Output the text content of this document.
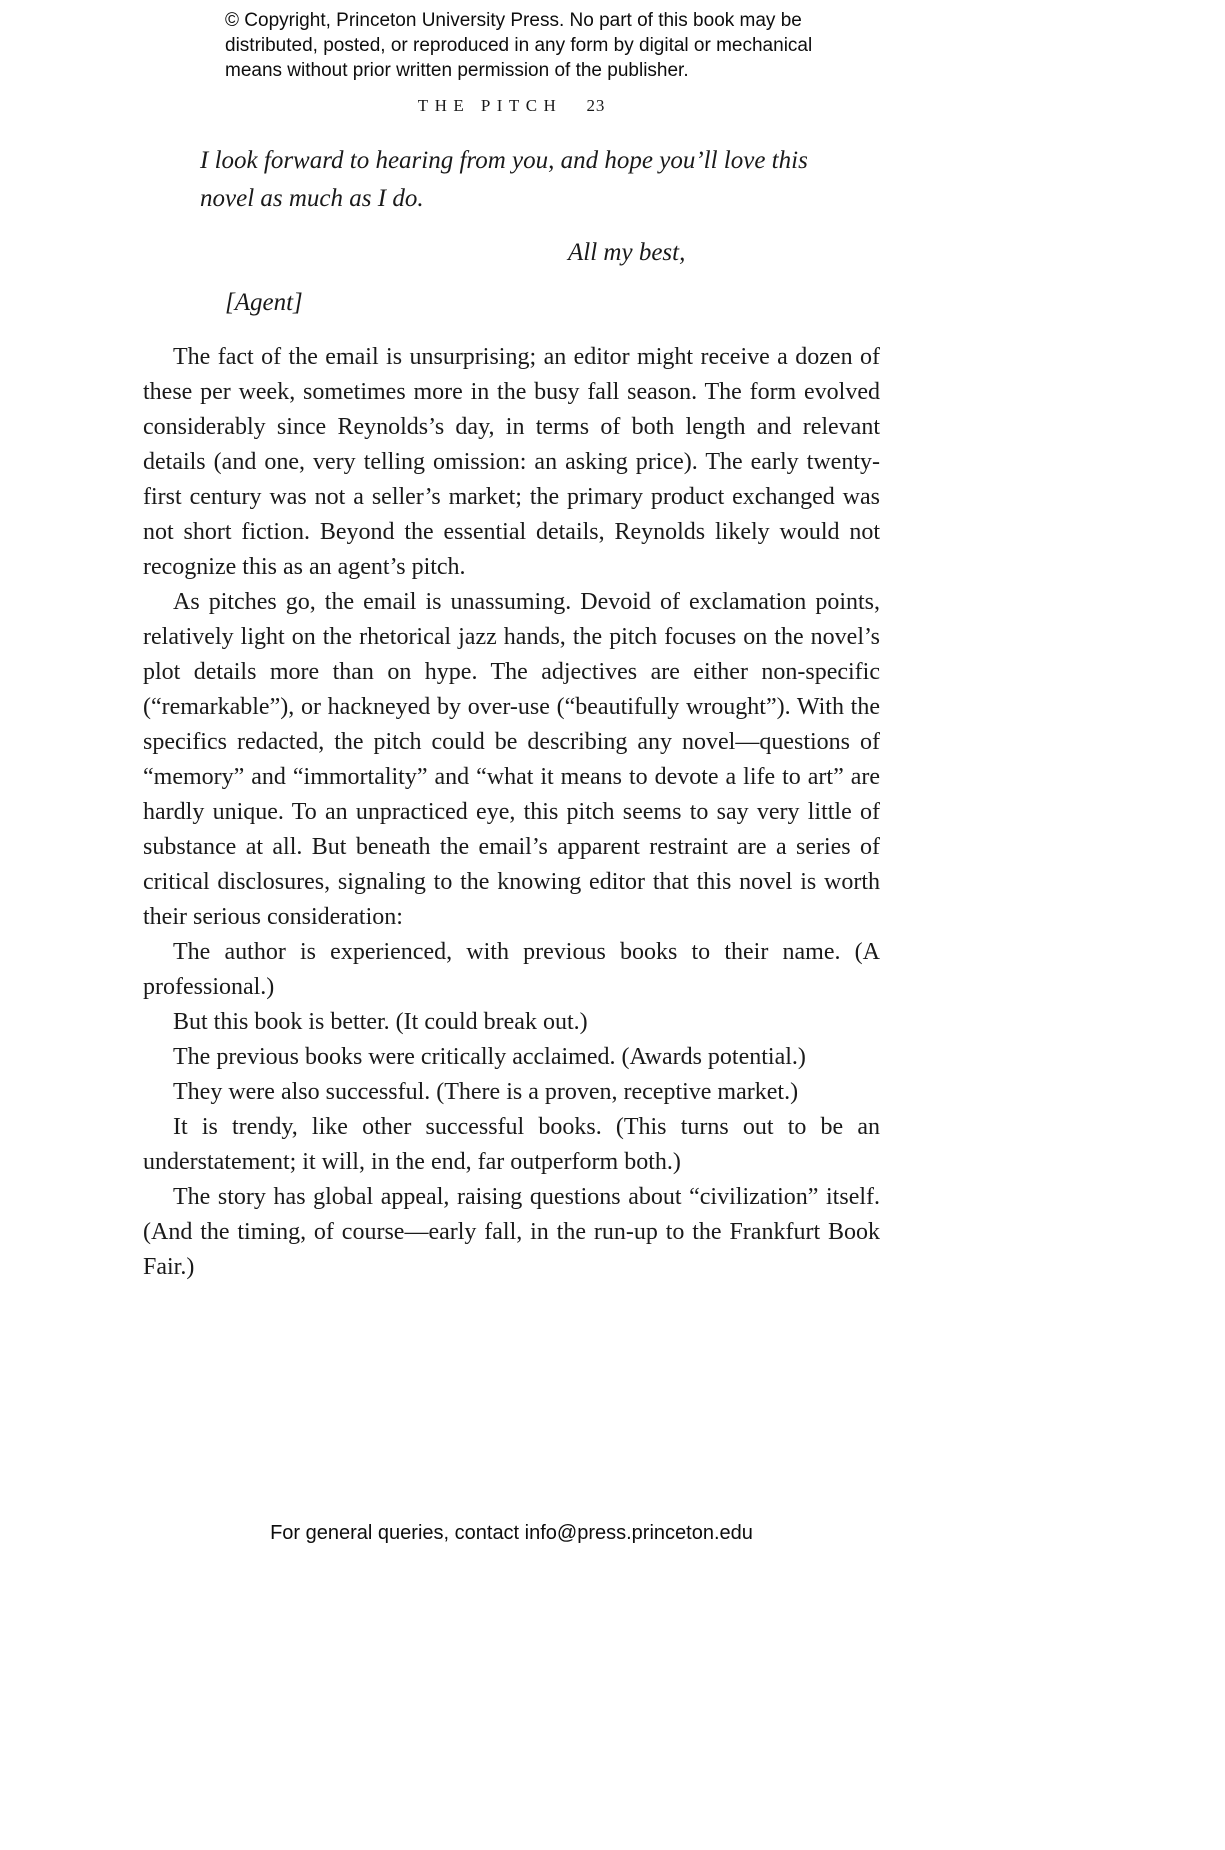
© Copyright, Princeton University Press. No part of this book may be distributed, posted, or reproduced in any form by digital or mechanical means without prior written permission of the publisher.
THE PITCH 23

I look forward to hearing from you, and hope you’ll love this novel as much as I do.

All my best,

[Agent]

The fact of the email is unsurprising; an editor might receive a dozen of these per week, sometimes more in the busy fall season. The form evolved considerably since Reynolds’s day, in terms of both length and relevant details (and one, very telling omission: an asking price). The early twenty-first century was not a seller’s market; the primary product exchanged was not short fiction. Beyond the essential details, Reynolds likely would not recognize this as an agent’s pitch.

As pitches go, the email is unassuming. Devoid of exclamation points, relatively light on the rhetorical jazz hands, the pitch focuses on the novel’s plot details more than on hype. The adjectives are either non-specific (“remarkable”), or hackneyed by over-use (“beautifully wrought”). With the specifics redacted, the pitch could be describing any novel—questions of “memory” and “immortality” and “what it means to devote a life to art” are hardly unique. To an unpracticed eye, this pitch seems to say very little of substance at all. But beneath the email’s apparent restraint are a series of critical disclosures, signaling to the knowing editor that this novel is worth their serious consideration:

The author is experienced, with previous books to their name. (A professional.)

But this book is better. (It could break out.)

The previous books were critically acclaimed. (Awards potential.)

They were also successful. (There is a proven, receptive market.)

It is trendy, like other successful books. (This turns out to be an understatement; it will, in the end, far outperform both.)

The story has global appeal, raising questions about “civilization” itself. (And the timing, of course—early fall, in the run-up to the Frankfurt Book Fair.)

For general queries, contact info@press.princeton.edu
